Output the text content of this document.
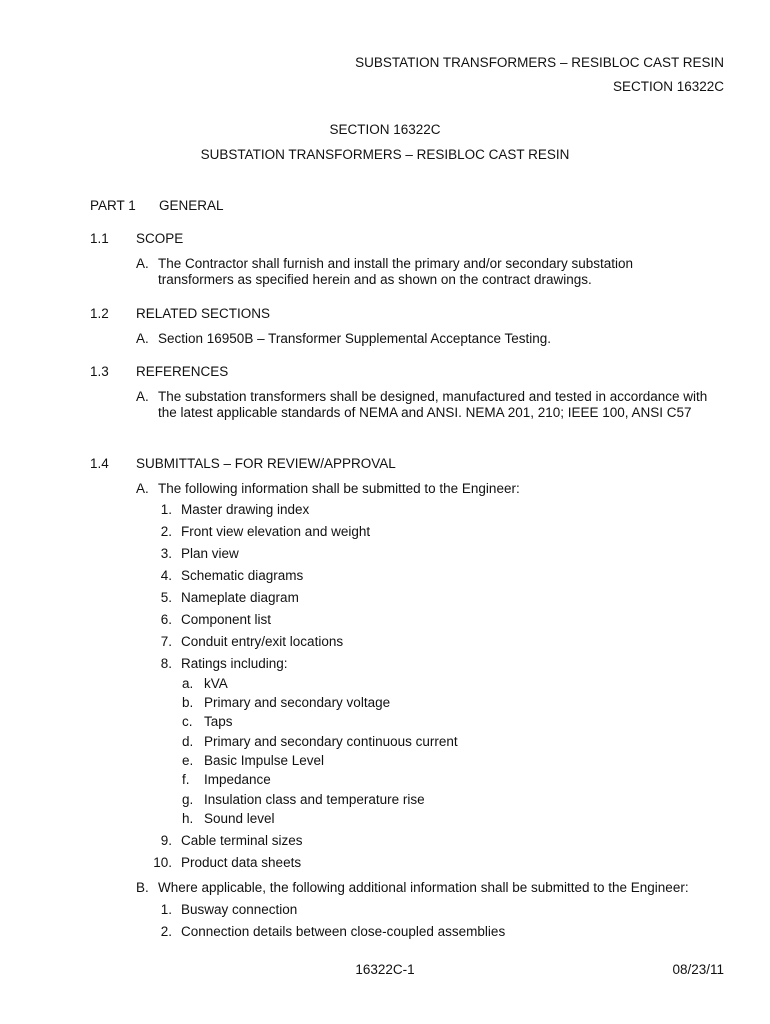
SUBSTATION TRANSFORMERS – RESIBLOC CAST RESIN
SECTION 16322C
SECTION 16322C
SUBSTATION TRANSFORMERS – RESIBLOC CAST RESIN
PART 1 GENERAL
1.1 SCOPE
A. The Contractor shall furnish and install the primary and/or secondary substation transformers as specified herein and as shown on the contract drawings.
1.2 RELATED SECTIONS
A. Section 16950B – Transformer Supplemental Acceptance Testing.
1.3 REFERENCES
A. The substation transformers shall be designed, manufactured and tested in accordance with the latest applicable standards of NEMA and ANSI. NEMA 201, 210; IEEE 100, ANSI C57
1.4 SUBMITTALS – FOR REVIEW/APPROVAL
A. The following information shall be submitted to the Engineer:
1. Master drawing index
2. Front view elevation and weight
3. Plan view
4. Schematic diagrams
5. Nameplate diagram
6. Component list
7. Conduit entry/exit locations
8. Ratings including:
a. kVA
b. Primary and secondary voltage
c. Taps
d. Primary and secondary continuous current
e. Basic Impulse Level
f. Impedance
g. Insulation class and temperature rise
h. Sound level
9. Cable terminal sizes
10. Product data sheets
B. Where applicable, the following additional information shall be submitted to the Engineer:
1. Busway connection
2. Connection details between close-coupled assemblies
16322C-1	08/23/11
